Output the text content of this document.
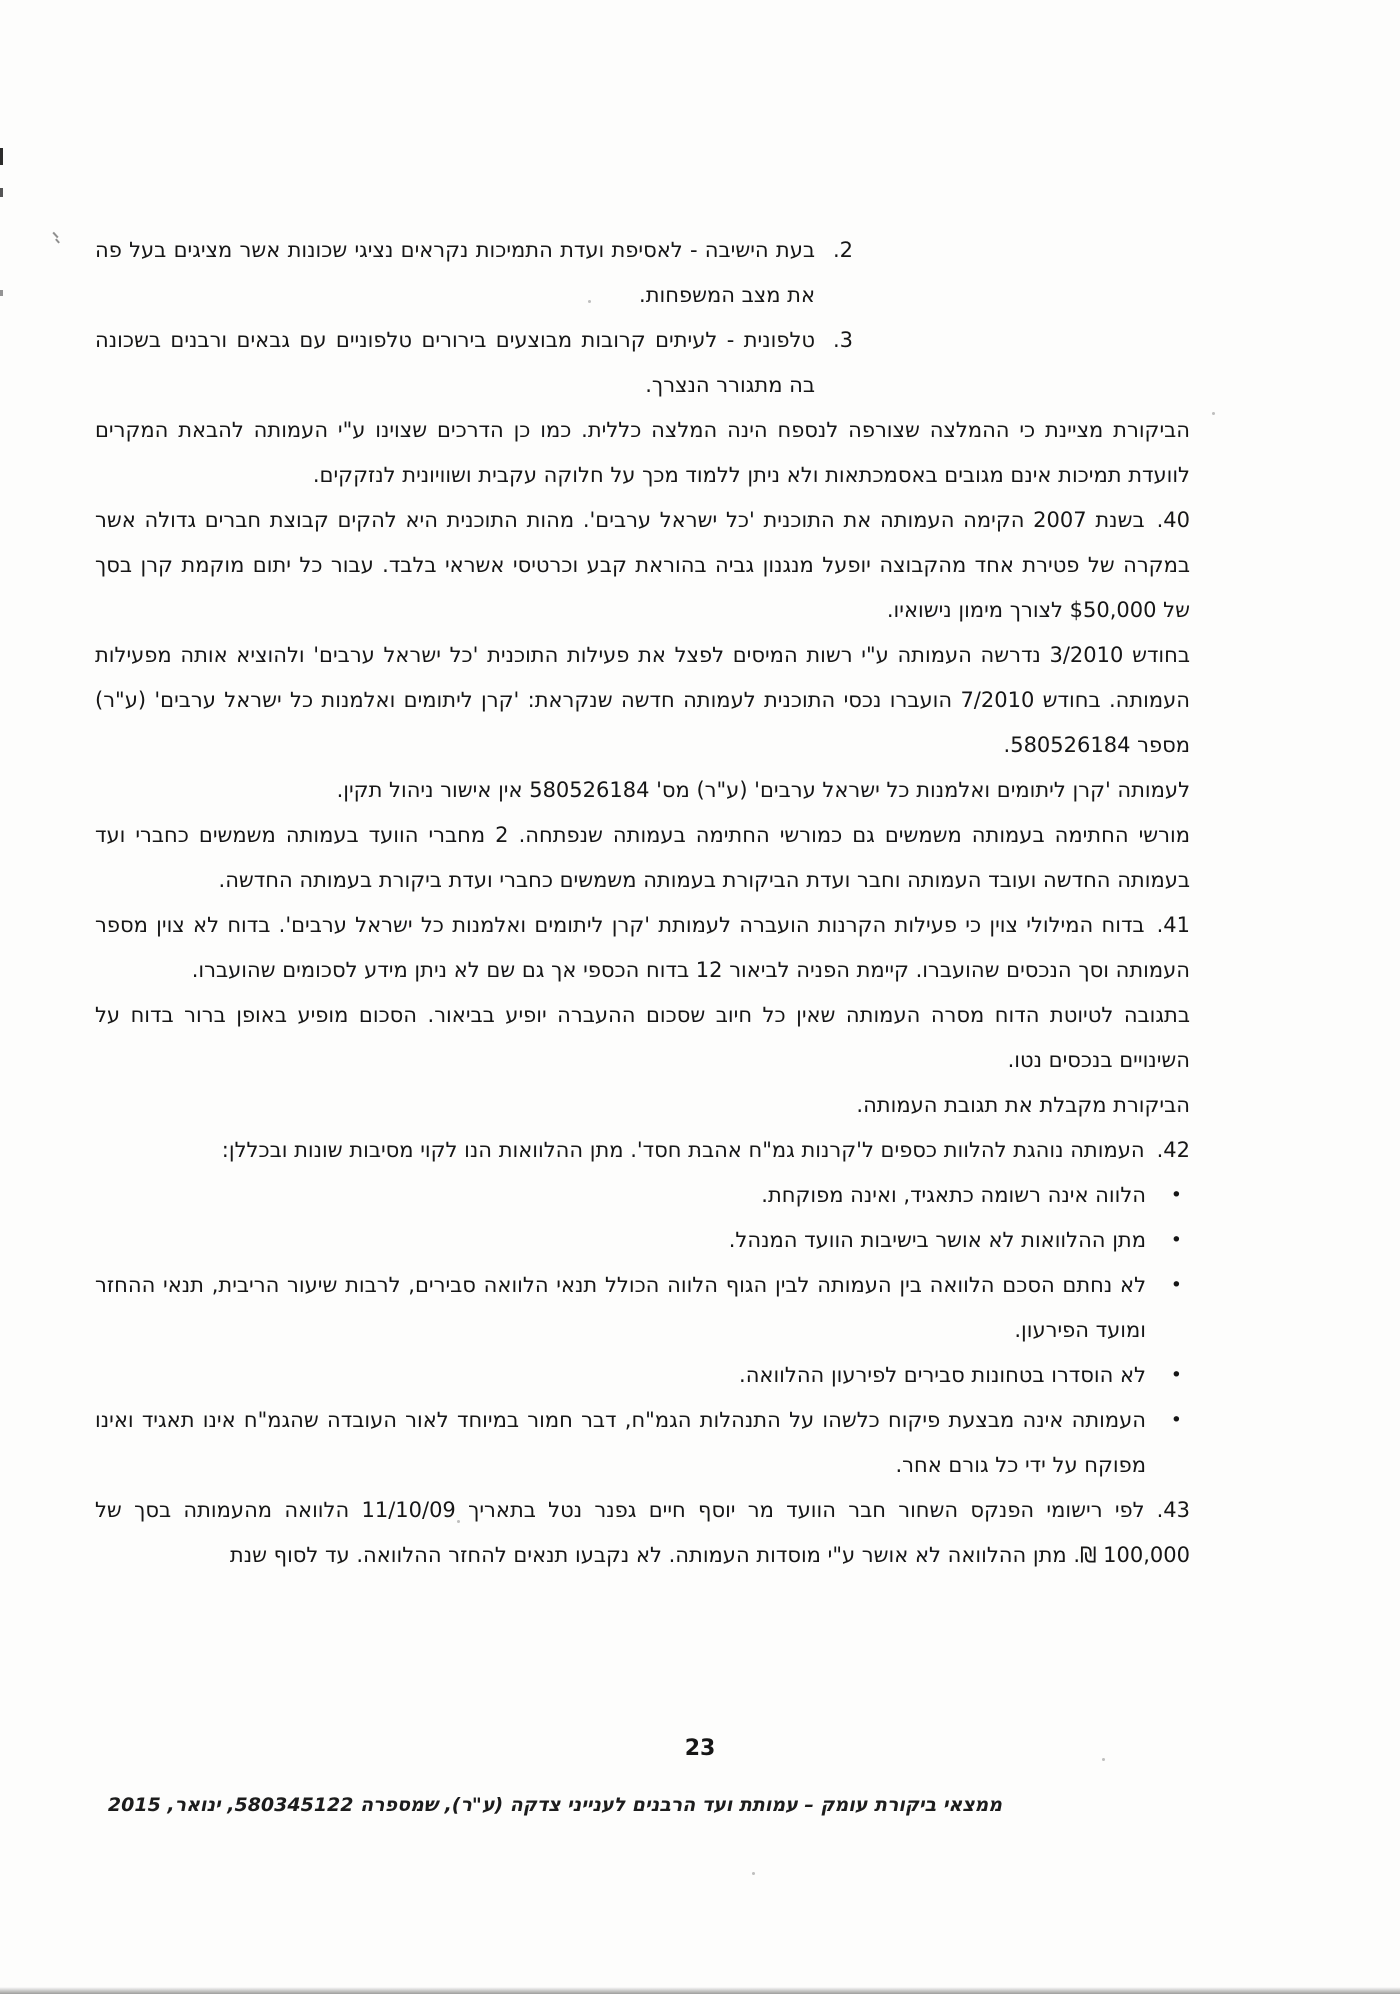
2.
בעת הישיבה - לאסיפת ועדת התמיכות נקראים נציגי שכונות אשר מציגים בעל פה את מצב המשפחות.
3.
טלפונית - לעיתים קרובות מבוצעים בירורים טלפוניים עם גבאים ורבנים בשכונה בה מתגורר הנצרך.

הביקורת מציינת כי ההמלצה שצורפה לנספח הינה המלצה כללית. כמו כן הדרכים שצוינו ע"י העמותה להבאת המקרים לוועדת תמיכות אינם מגובים באסמכתאות ולא ניתן ללמוד מכך על חלוקה עקבית ושוויונית לנזקקים.

40.בשנת 2007 הקימה העמותה את התוכנית 'כל ישראל ערבים'. מהות התוכנית היא להקים קבוצת חברים גדולה אשר במקרה של פטירת אחד מהקבוצה יופעל מנגנון גביה בהוראת קבע וכרטיסי אשראי בלבד. עבור כל יתום מוקמת קרן בסך של $50,000 לצורך מימון נישואיו.

בחודש 3/2010 נדרשה העמותה ע"י רשות המיסים לפצל את פעילות התוכנית 'כל ישראל ערבים' ולהוציא אותה מפעילות העמותה. בחודש 7/2010 הועברו נכסי התוכנית לעמותה חדשה שנקראת: 'קרן ליתומים ואלמנות כל ישראל ערבים' (ע"ר) מספר 580526184.

לעמותה 'קרן ליתומים ואלמנות כל ישראל ערבים' (ע"ר) מס' 580526184 אין אישור ניהול תקין.

מורשי החתימה בעמותה משמשים גם כמורשי החתימה בעמותה שנפתחה. 2 מחברי הוועד בעמותה משמשים כחברי ועד בעמותה החדשה ועובד העמותה וחבר ועדת הביקורת בעמותה משמשים כחברי ועדת ביקורת בעמותה החדשה.

41.בדוח המילולי צוין כי פעילות הקרנות הועברה לעמותת 'קרן ליתומים ואלמנות כל ישראל ערבים'. בדוח לא צוין מספר העמותה וסך הנכסים שהועברו. קיימת הפניה לביאור 12 בדוח הכספי אך גם שם לא ניתן מידע לסכומים שהועברו.

בתגובה לטיוטת הדוח מסרה העמותה שאין כל חיוב שסכום ההעברה יופיע בביאור. הסכום מופיע באופן ברור בדוח על השינויים בנכסים נטו.

הביקורת מקבלת את תגובת העמותה.

42.העמותה נוהגת להלוות כספים ל'קרנות גמ"ח אהבת חסד'. מתן ההלוואות הנו לקוי מסיבות שונות ובכללן:

•
הלווה אינה רשומה כתאגיד, ואינה מפוקחת.
•
מתן ההלוואות לא אושר בישיבות הוועד המנהל.
•
לא נחתם הסכם הלוואה בין העמותה לבין הגוף הלווה הכולל תנאי הלוואה סבירים, לרבות שיעור הריבית, תנאי ההחזר ומועד הפירעון.
•
לא הוסדרו בטחונות סבירים לפירעון ההלוואה.
•
העמותה אינה מבצעת פיקוח כלשהו על התנהלות הגמ"ח, דבר חמור במיוחד לאור העובדה שהגמ"ח אינו תאגיד ואינו מפוקח על ידי כל גורם אחר.

43.לפי רישומי הפנקס השחור חבר הוועד מר יוסף חיים גפנר נטל בתאריך 11/10/09 הלוואה מהעמותה בסך של 100,000 ₪. מתן ההלוואה לא אושר ע"י מוסדות העמותה. לא נקבעו תנאים להחזר ההלוואה. עד לסוף שנת

23
ממצאי ביקורת עומק – עמותת ועד הרבנים לענייני צדקה (ע"ר), שמספרה 580345122, ינואר, 2015
